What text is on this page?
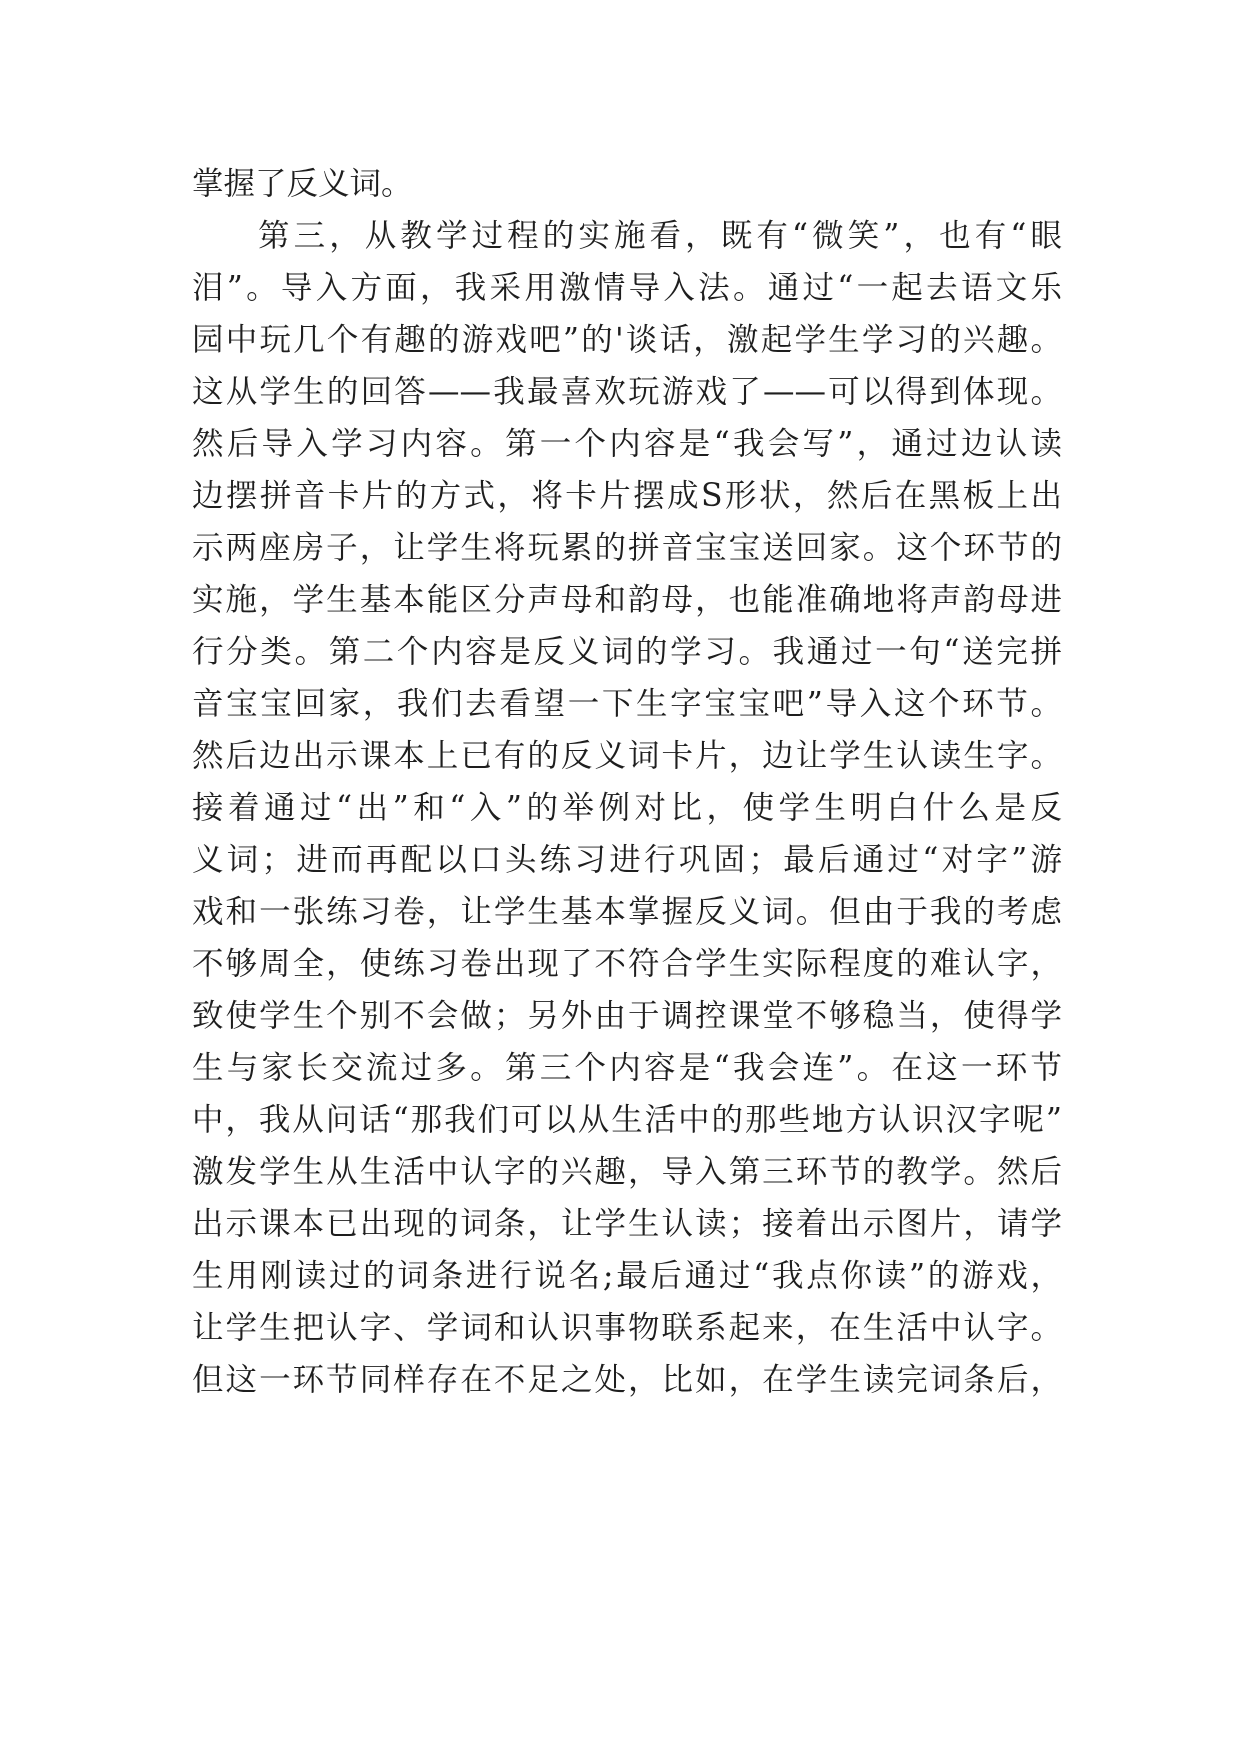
掌握了反义词。
第三，从教学过程的实施看，既有“微笑”，也有“眼
泪”。导入方面，我采用激情导入法。通过“一起去语文乐
园中玩几个有趣的游戏吧”的'谈话，激起学生学习的兴趣。
这从学生的回答——我最喜欢玩游戏了——可以得到体现。
然后导入学习内容。第一个内容是“我会写”，通过边认读
边摆拼音卡片的方式，将卡片摆成S形状，然后在黑板上出
示两座房子，让学生将玩累的拼音宝宝送回家。这个环节的
实施，学生基本能区分声母和韵母，也能准确地将声韵母进
行分类。第二个内容是反义词的学习。我通过一句“送完拼
音宝宝回家，我们去看望一下生字宝宝吧”导入这个环节。
然后边出示课本上已有的反义词卡片，边让学生认读生字。
接着通过“出”和“入”的举例对比，使学生明白什么是反
义词；进而再配以口头练习进行巩固；最后通过“对字”游
戏和一张练习卷，让学生基本掌握反义词。但由于我的考虑
不够周全，使练习卷出现了不符合学生实际程度的难认字，
致使学生个别不会做；另外由于调控课堂不够稳当，使得学
生与家长交流过多。第三个内容是“我会连”。在这一环节
中，我从问话“那我们可以从生活中的那些地方认识汉字呢”
激发学生从生活中认字的兴趣，导入第三环节的教学。然后
出示课本已出现的词条，让学生认读；接着出示图片，请学
生用刚读过的词条进行说名;最后通过“我点你读”的游戏，
让学生把认字、学词和认识事物联系起来，在生活中认字。
但这一环节同样存在不足之处，比如，在学生读完词条后，
